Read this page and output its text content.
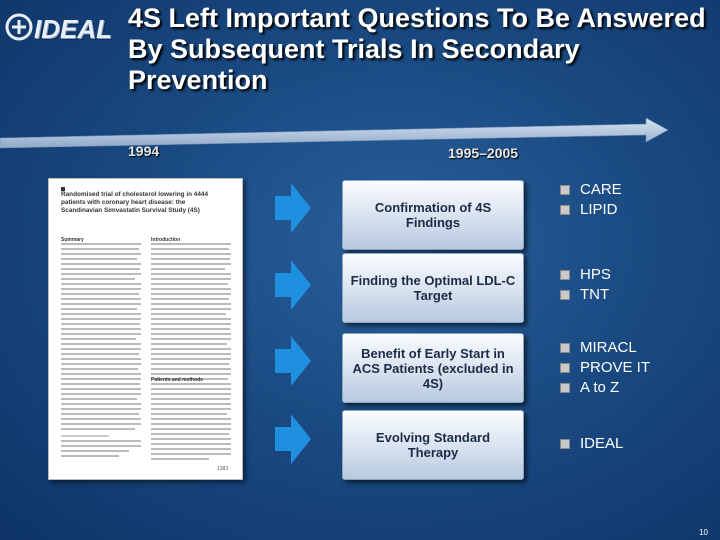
IDEAL 4S Left Important Questions To Be Answered By Subsequent Trials In Secondary Prevention
1994	1995–2005
1383
Randomised trial of cholesterol lowering in 4444 patients with coronary heart disease: the Scandinavian Simvastatin Survival Study (4S)
Summary	Introduction
Patients and methods
Confirmation of 4S Findings
CARE
LIPID
Finding the Optimal LDL-C Target
HPS
TNT
Benefit of Early Start in ACS Patients (excluded in 4S)
MIRACL
PROVE IT
A to Z
Evolving Standard Therapy
IDEAL
10
